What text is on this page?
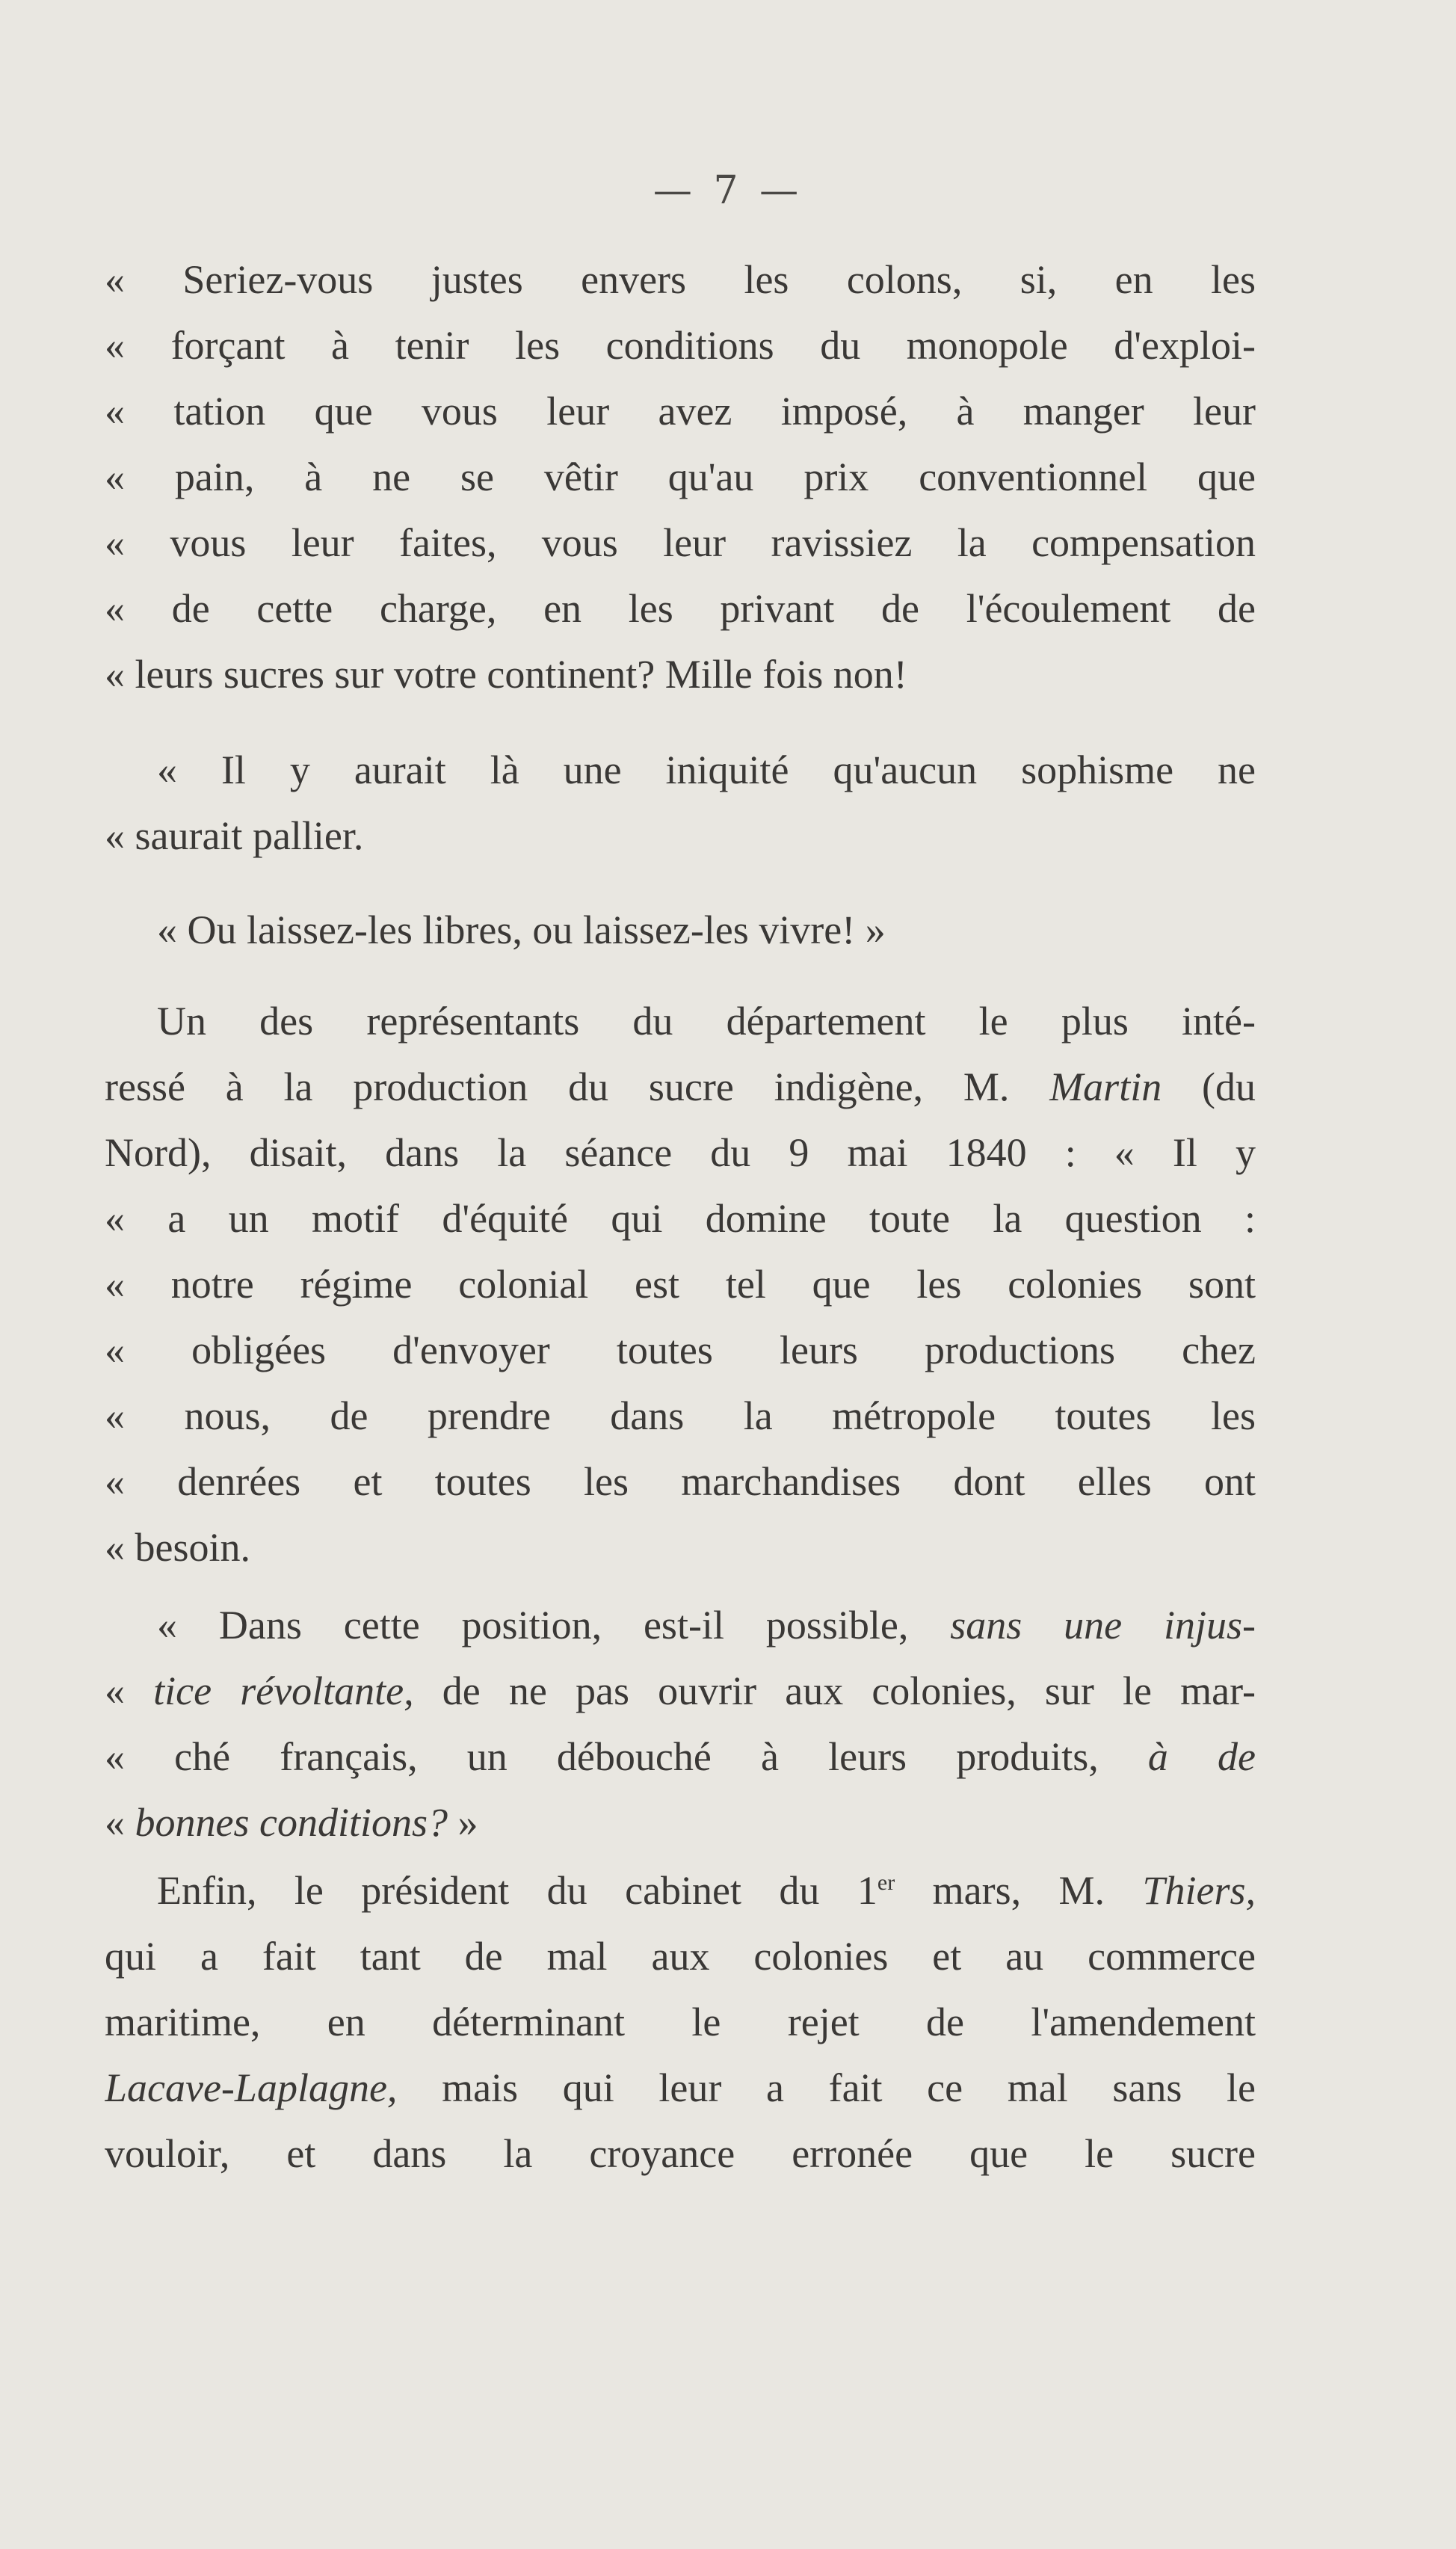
— 7 —
« Seriez-vous justes envers les colons, si, en les
« forçant à tenir les conditions du monopole d'exploi-
« tation que vous leur avez imposé, à manger leur
« pain, à ne se vêtir qu'au prix conventionnel que
« vous leur faites, vous leur ravissiez la compensation
« de cette charge, en les privant de l'écoulement de
« leurs sucres sur votre continent? Mille fois non!
« Il y aurait là une iniquité qu'aucun sophisme ne
« saurait pallier.
« Ou laissez-les libres, ou laissez-les vivre! »
Un des représentants du département le plus inté-
ressé à la production du sucre indigène, M. Martin (du
Nord), disait, dans la séance du 9 mai 1840 : « Il y
« a un motif d'équité qui domine toute la question :
« notre régime colonial est tel que les colonies sont
« obligées d'envoyer toutes leurs productions chez
« nous, de prendre dans la métropole toutes les
« denrées et toutes les marchandises dont elles ont
« besoin.
« Dans cette position, est-il possible, sans une injus-
« tice révoltante, de ne pas ouvrir aux colonies, sur le mar-
« ché français, un débouché à leurs produits, à de
« bonnes conditions? »
Enfin, le président du cabinet du 1er mars, M. Thiers,
qui a fait tant de mal aux colonies et au commerce
maritime, en déterminant le rejet de l'amendement
Lacave-Laplagne, mais qui leur a fait ce mal sans le
vouloir, et dans la croyance erronée que le sucre
